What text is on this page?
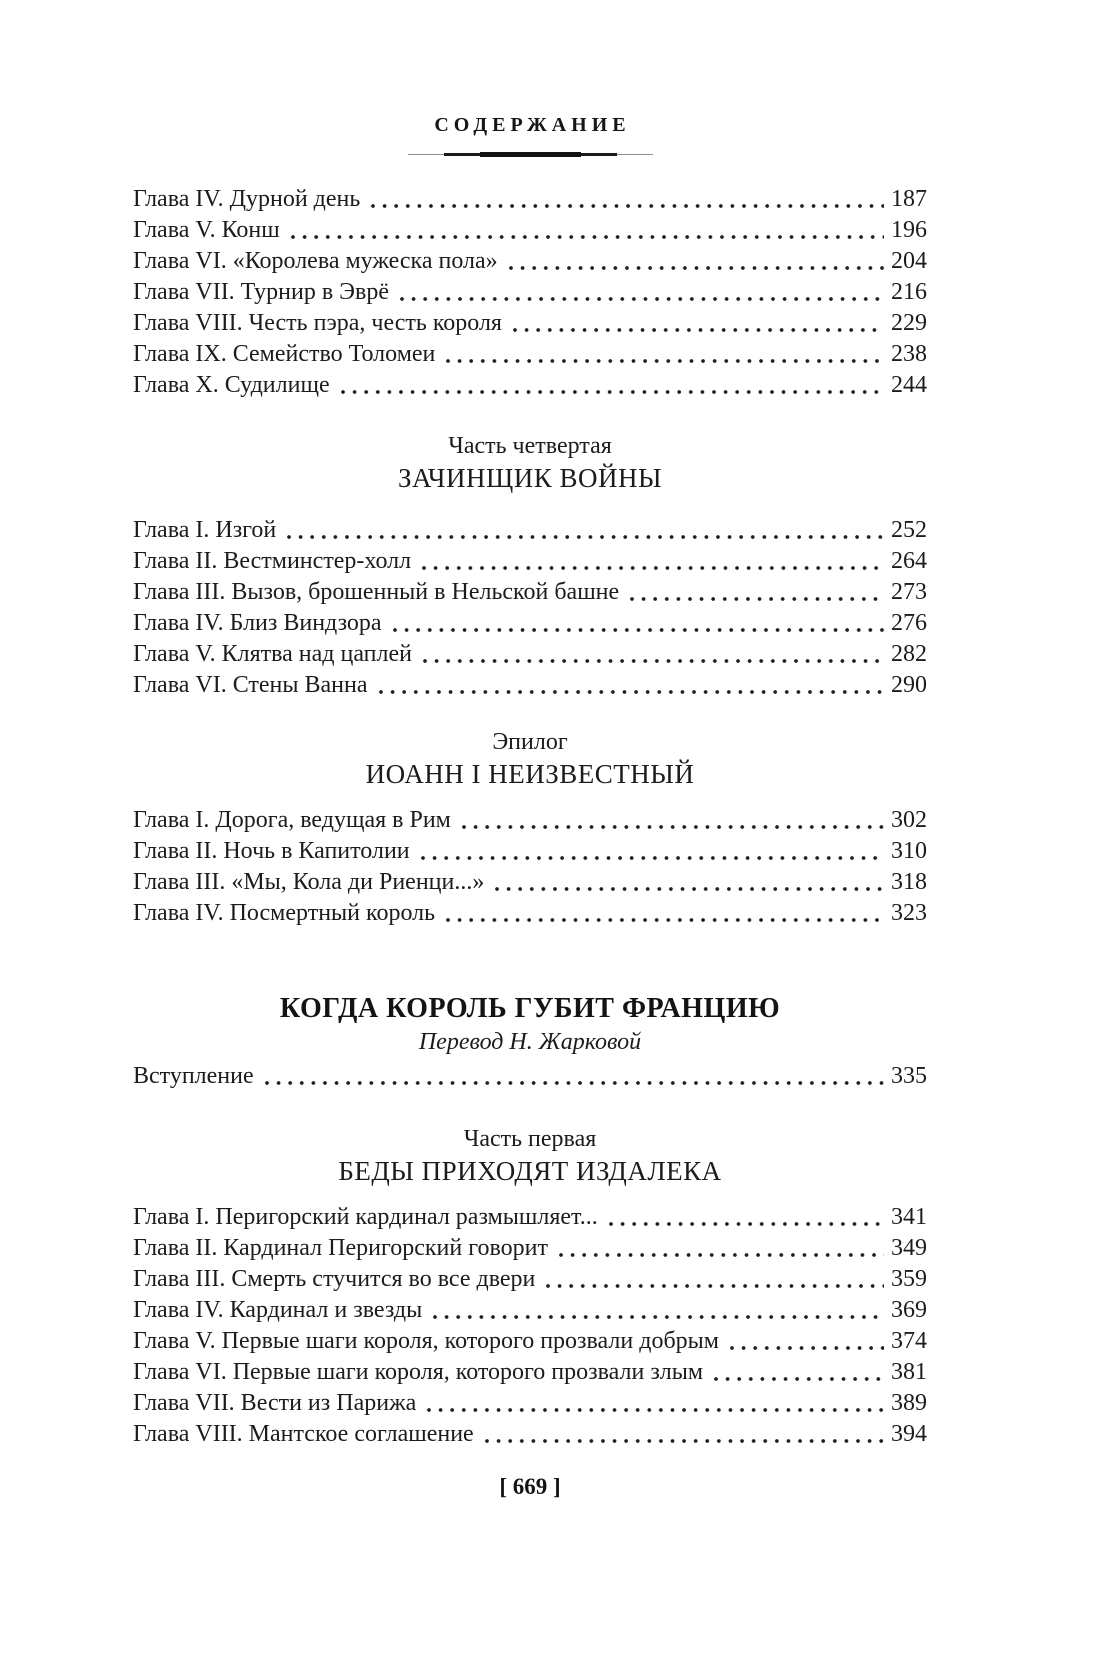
СОДЕРЖАНИЕ
Глава IV. Дурной день	187
Глава V. Конш	196
Глава VI. «Королева мужеска пола»	204
Глава VII. Турнир в Эврё	216
Глава VIII. Честь пэра, честь короля	229
Глава IX. Семейство Толомеи	238
Глава X. Судилище	244
Часть четвертая
ЗАЧИНЩИК ВОЙНЫ
Глава I. Изгой	252
Глава II. Вестминстер-холл	264
Глава III. Вызов, брошенный в Нельской башне	273
Глава IV. Близ Виндзора	276
Глава V. Клятва над цаплей	282
Глава VI. Стены Ванна	290
Эпилог
ИОАНН I НЕИЗВЕСТНЫЙ
Глава I. Дорога, ведущая в Рим	302
Глава II. Ночь в Капитолии	310
Глава III. «Мы, Кола ди Риенци...»	318
Глава IV. Посмертный король	323
КОГДА КОРОЛЬ ГУБИТ ФРАНЦИЮ
Перевод Н. Жарковой
Вступление	335
Часть первая
БЕДЫ ПРИХОДЯТ ИЗДАЛЕКА
Глава I. Перигорский кардинал размышляет...	341
Глава II. Кардинал Перигорский говорит	349
Глава III. Смерть стучится во все двери	359
Глава IV. Кардинал и звезды	369
Глава V. Первые шаги короля, которого прозвали добрым	374
Глава VI. Первые шаги короля, которого прозвали злым	381
Глава VII. Вести из Парижа	389
Глава VIII. Мантское соглашение	394
[ 669 ]
